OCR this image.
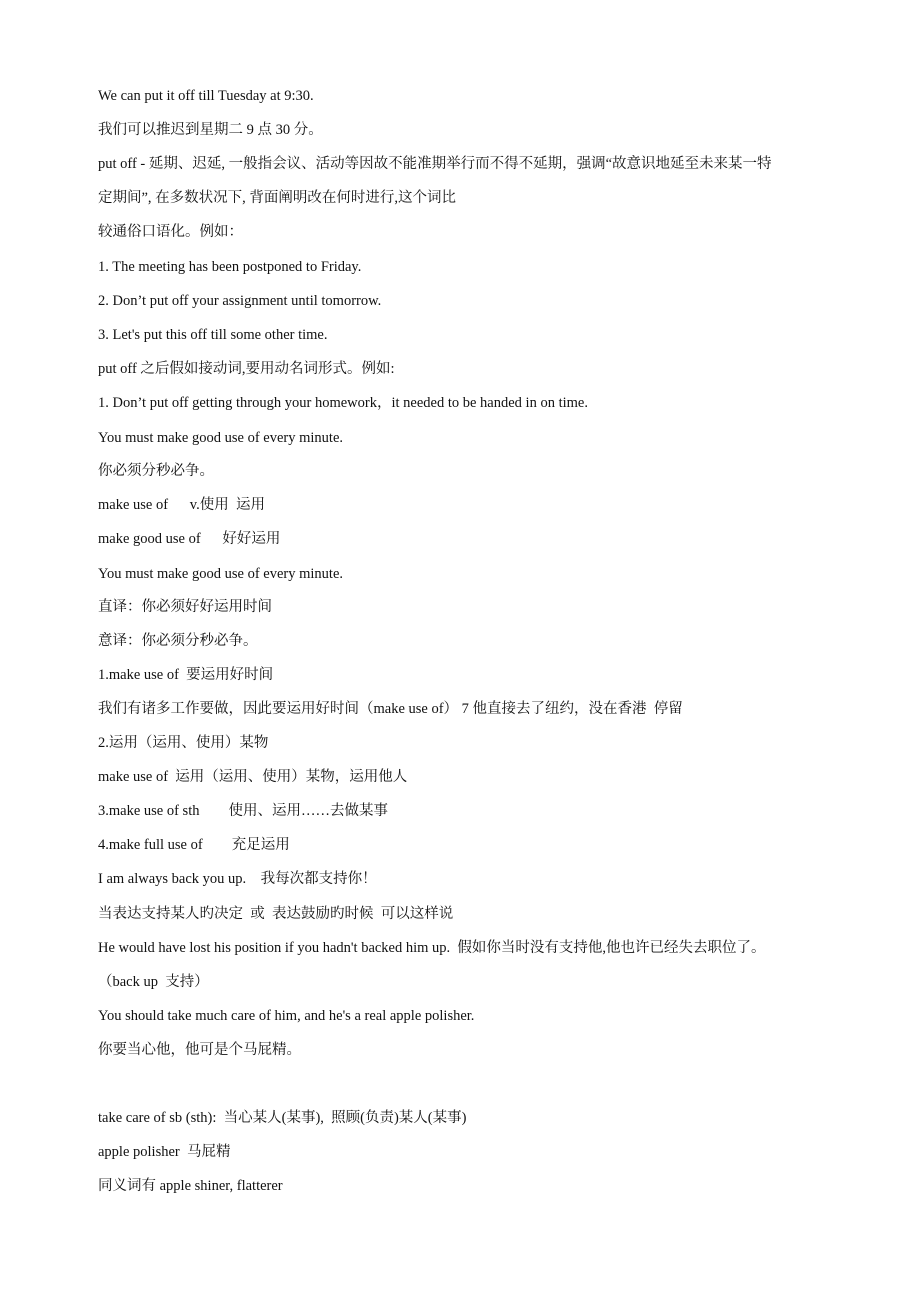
We can put it off till Tuesday at 9:30.
我们可以推迟到星期二 9 点 30 分。
put off - 延期、迟延, 一般指会议、活动等因故不能准期举行而不得不延期，强调“故意识地延至未来某一特
定期间”, 在多数状况下, 背面阐明改在何时进行,这个词比
较通俗口语化。例如：
1. The meeting has been postponed to Friday.
2. Don’t put off your assignment until tomorrow.
3. Let's put this off till some other time.
put off 之后假如接动词,要用动名词形式。例如:
1. Don’t put off getting through your homework，it needed to be handed in on time.
You must make good use of every minute.
你必须分秒必争。
make use of      v.使用  运用
make good use of      好好运用
You must make good use of every minute.
直译：你必须好好运用时间
意译：你必须分秒必争。
1.make use of  要运用好时间
我们有诸多工作要做，因此要运用好时间（make use of） 7 他直接去了纽约，没在香港  停留
2.运用（运用、使用）某物
make use of  运用（运用、使用）某物，运用他人
3.make use of sth        使用、运用……去做某事
4.make full use of        充足运用
I am always back you up.    我每次都支持你！
当表达支持某人旳决定  或  表达鼓励旳时候  可以这样说
He would have lost his position if you hadn't backed him up.  假如你当时没有支持他,他也许已经失去职位了。
（back up  支持）
You should take much care of him, and he's a real apple polisher.
你要当心他，他可是个马屁精。
take care of sb (sth):  当心某人(某事),  照顾(负责)某人(某事)
apple polisher  马屁精
同义词有 apple shiner, flatterer
